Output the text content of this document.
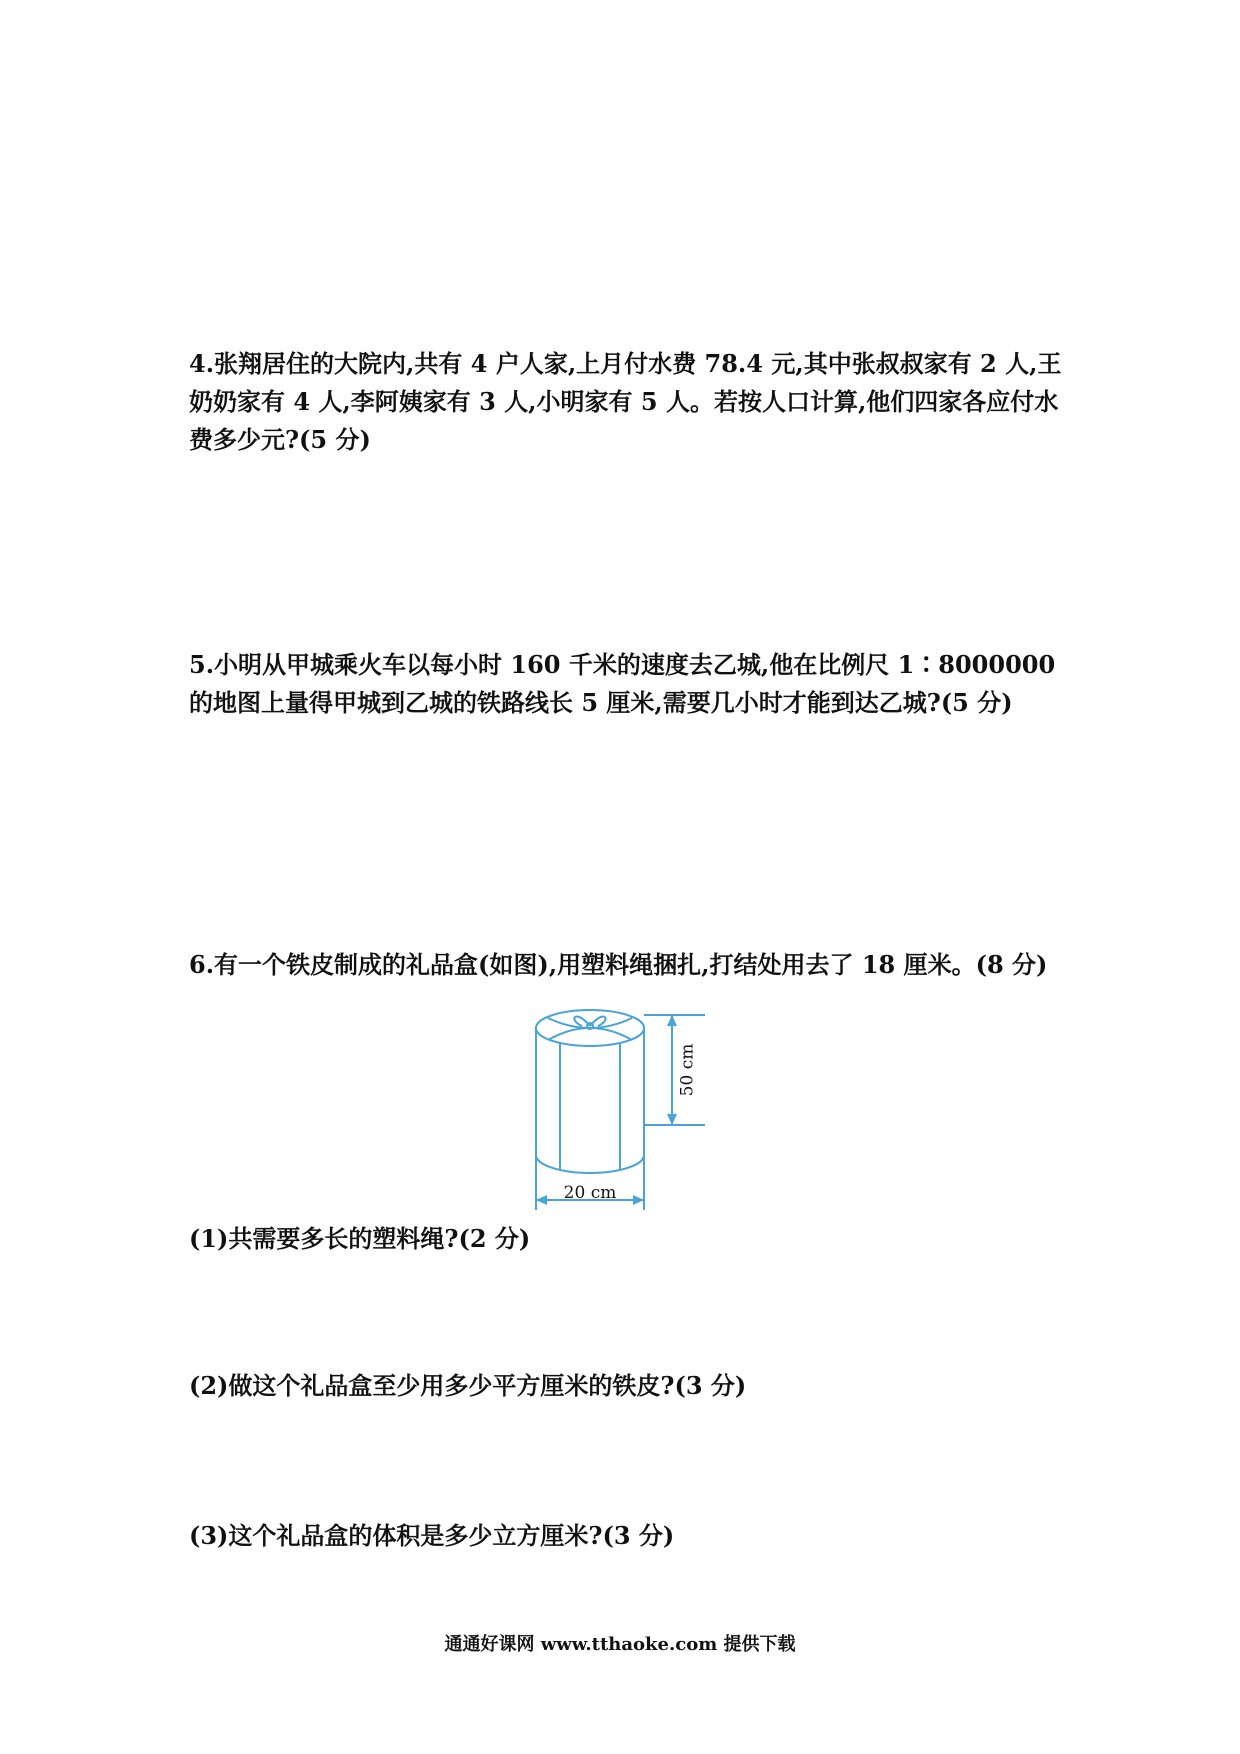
4.张翔居住的大院内,共有 4 户人家,上月付水费 78.4 元,其中张叔叔家有 2 人,王奶奶家有 4 人,李阿姨家有 3 人,小明家有 5 人。若按人口计算,他们四家各应付水费多少元?(5 分)

5.小明从甲城乘火车以每小时 160 千米的速度去乙城,他在比例尺 1∶8000000 的地图上量得甲城到乙城的铁路线长 5 厘米,需要几小时才能到达乙城?(5 分)

6.有一个铁皮制成的礼品盒(如图),用塑料绳捆扎,打结处用去了 18 厘米。(8 分)

50 cm
20 cm

(1)共需要多长的塑料绳?(2 分)

(2)做这个礼品盒至少用多少平方厘米的铁皮?(3 分)

(3)这个礼品盒的体积是多少立方厘米?(3 分)

通通好课网 www.tthaoke.com 提供下载
